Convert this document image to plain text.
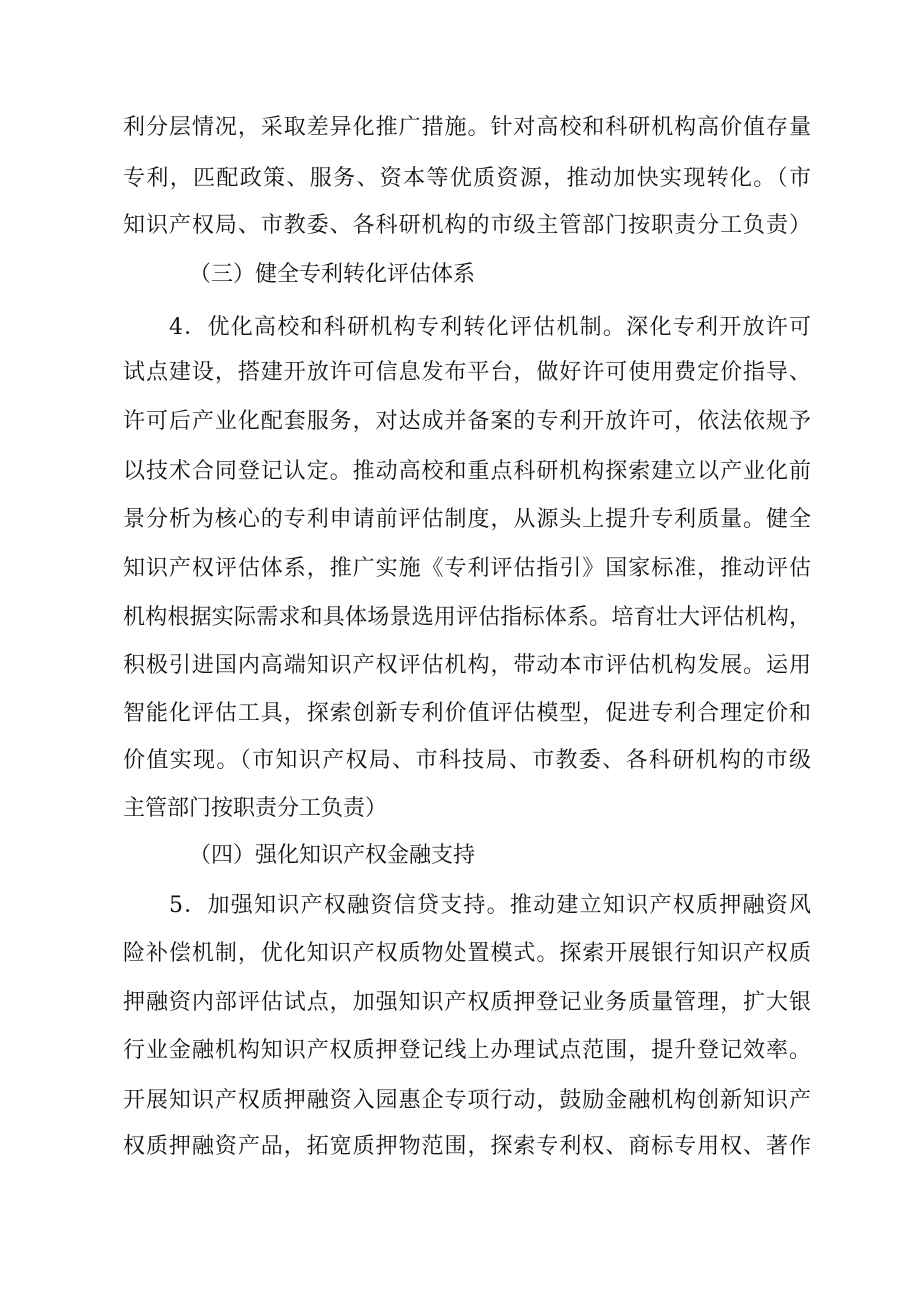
利分层情况，采取差异化推广措施。针对高校和科研机构高价值存量
专利，匹配政策、服务、资本等优质资源，推动加快实现转化。（市
知识产权局、市教委、各科研机构的市级主管部门按职责分工负责）
（三）健全专利转化评估体系
4．优化高校和科研机构专利转化评估机制。深化专利开放许可
试点建设，搭建开放许可信息发布平台，做好许可使用费定价指导、
许可后产业化配套服务，对达成并备案的专利开放许可，依法依规予
以技术合同登记认定。推动高校和重点科研机构探索建立以产业化前
景分析为核心的专利申请前评估制度，从源头上提升专利质量。健全
知识产权评估体系，推广实施《专利评估指引》国家标准，推动评估
机构根据实际需求和具体场景选用评估指标体系。培育壮大评估机构，
积极引进国内高端知识产权评估机构，带动本市评估机构发展。运用
智能化评估工具，探索创新专利价值评估模型，促进专利合理定价和
价值实现。（市知识产权局、市科技局、市教委、各科研机构的市级
主管部门按职责分工负责）
（四）强化知识产权金融支持
5．加强知识产权融资信贷支持。推动建立知识产权质押融资风
险补偿机制，优化知识产权质物处置模式。探索开展银行知识产权质
押融资内部评估试点，加强知识产权质押登记业务质量管理，扩大银
行业金融机构知识产权质押登记线上办理试点范围，提升登记效率。
开展知识产权质押融资入园惠企专项行动，鼓励金融机构创新知识产
权质押融资产品，拓宽质押物范围，探索专利权、商标专用权、著作
